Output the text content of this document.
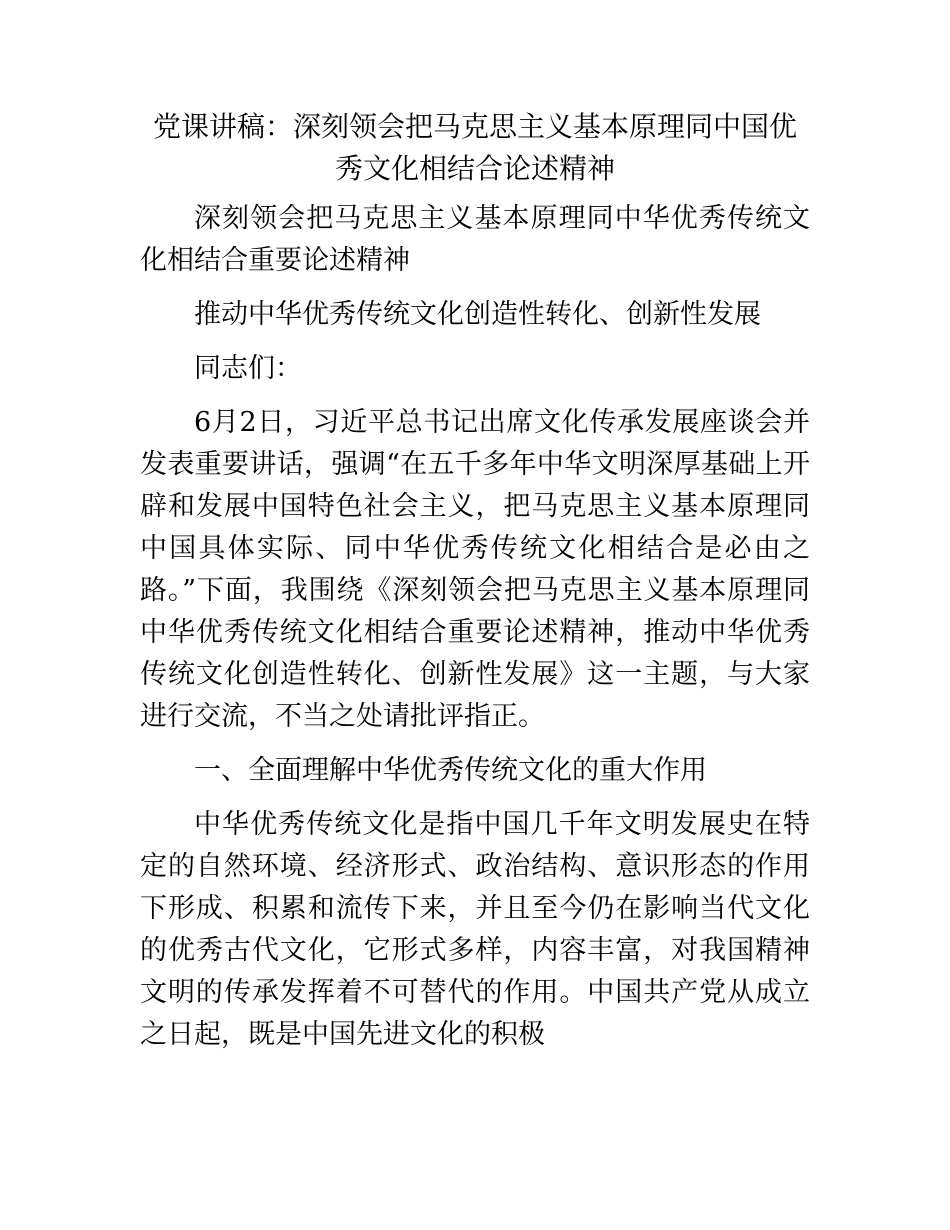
党课讲稿：深刻领会把马克思主义基本原理同中国优秀文化相结合论述精神

深刻领会把马克思主义基本原理同中华优秀传统文化相结合重要论述精神

推动中华优秀传统文化创造性转化、创新性发展

同志们：

6月2日，习近平总书记出席文化传承发展座谈会并发表重要讲话，强调“在五千多年中华文明深厚基础上开辟和发展中国特色社会主义，把马克思主义基本原理同中国具体实际、同中华优秀传统文化相结合是必由之路。”下面，我围绕《深刻领会把马克思主义基本原理同中华优秀传统文化相结合重要论述精神，推动中华优秀传统文化创造性转化、创新性发展》这一主题，与大家进行交流，不当之处请批评指正。

一、全面理解中华优秀传统文化的重大作用

中华优秀传统文化是指中国几千年文明发展史在特定的自然环境、经济形式、政治结构、意识形态的作用下形成、积累和流传下来，并且至今仍在影响当代文化的优秀古代文化，它形式多样，内容丰富，对我国精神文明的传承发挥着不可替代的作用。中国共产党从成立之日起，既是中国先进文化的积极
